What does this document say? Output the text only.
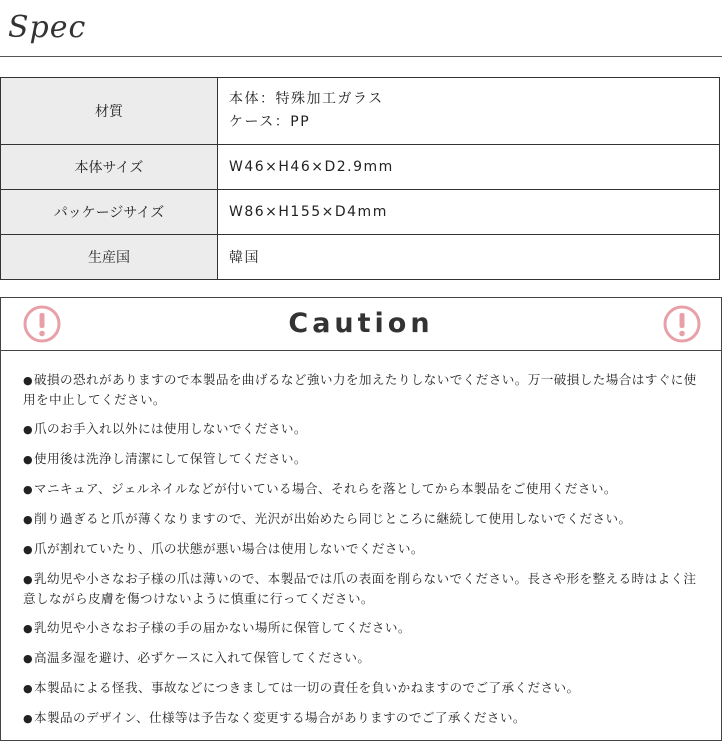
Spec
材質	本体：特殊加工ガラス
ケース：PP

本体サイズ	W46×H46×D2.9mm
パッケージサイズ	W86×H155×D4mm
生産国	韓国
Caution
●破損の恐れがありますので本製品を曲げるなど強い力を加えたりしないでください。万一破損した場合はすぐに使用を中止してください。
●爪のお手入れ以外には使用しないでください。
●使用後は洗浄し清潔にして保管してください。
●マニキュア、ジェルネイルなどが付いている場合、それらを落としてから本製品をご使用ください。
●削り過ぎると爪が薄くなりますので、光沢が出始めたら同じところに継続して使用しないでください。
●爪が割れていたり、爪の状態が悪い場合は使用しないでください。
●乳幼児や小さなお子様の爪は薄いので、本製品では爪の表面を削らないでください。長さや形を整える時はよく注意しながら皮膚を傷つけないように慎重に行ってください。
●乳幼児や小さなお子様の手の届かない場所に保管してください。
●高温多湿を避け、必ずケースに入れて保管してください。
●本製品による怪我、事故などにつきましては一切の責任を負いかねますのでご了承ください。
●本製品のデザイン、仕様等は予告なく変更する場合がありますのでご了承ください。
